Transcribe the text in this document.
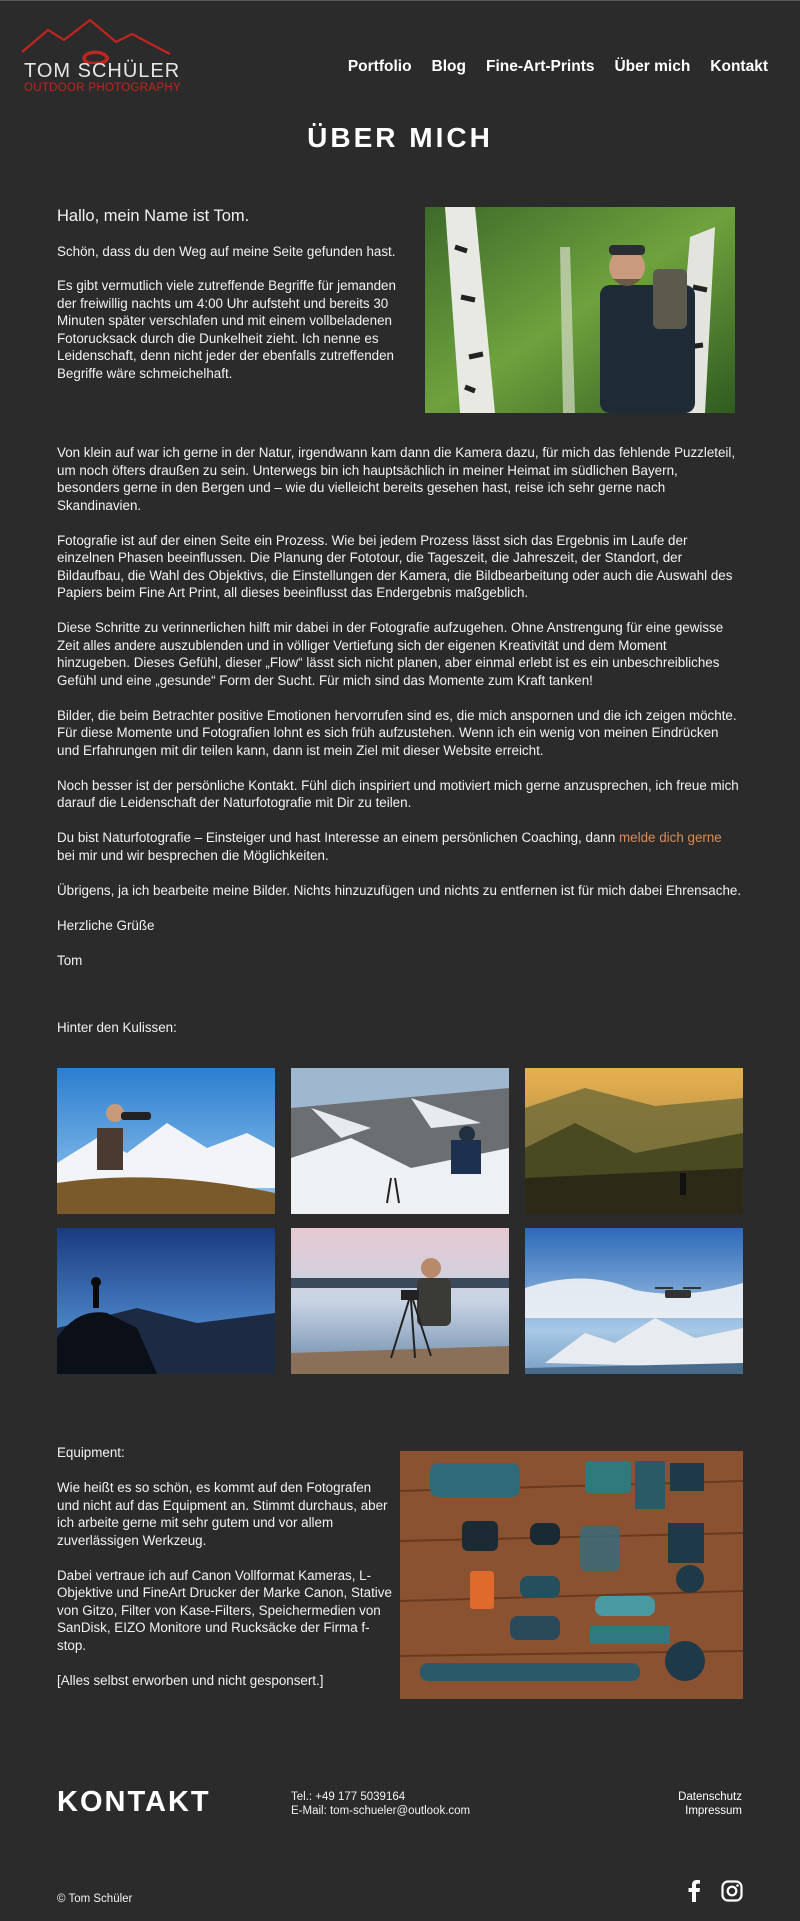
TOM SCHÜLER
OUTDOOR PHOTOGRAPHY
Portfolio Blog Fine-Art-Prints Über mich Kontakt
ÜBER MICH
Hallo, mein Name ist Tom.

Schön, dass du den Weg auf meine Seite gefunden hast.

Es gibt vermutlich viele zutreffende Begriffe für jemanden der freiwillig nachts um 4:00 Uhr aufsteht und bereits 30 Minuten später verschlafen und mit einem vollbeladenen Fotorucksack durch die Dunkelheit zieht. Ich nenne es Leidenschaft, denn nicht jeder der ebenfalls zutreffenden Begriffe wäre schmeichelhaft.

Von klein auf war ich gerne in der Natur, irgendwann kam dann die Kamera dazu, für mich das fehlende Puzzleteil, um noch öfters draußen zu sein. Unterwegs bin ich hauptsächlich in meiner Heimat im südlichen Bayern, besonders gerne in den Bergen und – wie du vielleicht bereits gesehen hast, reise ich sehr gerne nach Skandinavien.

Fotografie ist auf der einen Seite ein Prozess. Wie bei jedem Prozess lässt sich das Ergebnis im Laufe der einzelnen Phasen beeinflussen. Die Planung der Fototour, die Tageszeit, die Jahreszeit, der Standort, der Bildaufbau, die Wahl des Objektivs, die Einstellungen der Kamera, die Bildbearbeitung oder auch die Auswahl des Papiers beim Fine Art Print, all dieses beeinflusst das Endergebnis maßgeblich.

Diese Schritte zu verinnerlichen hilft mir dabei in der Fotografie aufzugehen. Ohne Anstrengung für eine gewisse Zeit alles andere auszublenden und in völliger Vertiefung sich der eigenen Kreativität und dem Moment hinzugeben. Dieses Gefühl, dieser „Flow“ lässt sich nicht planen, aber einmal erlebt ist es ein unbeschreibliches Gefühl und eine „gesunde“ Form der Sucht. Für mich sind das Momente zum Kraft tanken!

Bilder, die beim Betrachter positive Emotionen hervorrufen sind es, die mich anspornen und die ich zeigen möchte. Für diese Momente und Fotografien lohnt es sich früh aufzustehen. Wenn ich ein wenig von meinen Eindrücken und Erfahrungen mit dir teilen kann, dann ist mein Ziel mit dieser Website erreicht.

Noch besser ist der persönliche Kontakt. Fühl dich inspiriert und motiviert mich gerne anzusprechen, ich freue mich darauf die Leidenschaft der Naturfotografie mit Dir zu teilen.

Du bist Naturfotografie – Einsteiger und hast Interesse an einem persönlichen Coaching, dann melde dich gerne bei mir und wir besprechen die Möglichkeiten.

Übrigens, ja ich bearbeite meine Bilder. Nichts hinzuzufügen und nichts zu entfernen ist für mich dabei Ehrensache.

Herzliche Grüße

Tom

Hinter den Kulissen:

Equipment:

Wie heißt es so schön, es kommt auf den Fotografen und nicht auf das Equipment an. Stimmt durchaus, aber ich arbeite gerne mit sehr gutem und vor allem zuverlässigen Werkzeug.

Dabei vertraue ich auf Canon Vollformat Kameras, L-Objektive und FineArt Drucker der Marke Canon, Stative von Gitzo, Filter von Kase-Filters, Speichermedien von SanDisk, EIZO Monitore und Rucksäcke der Firma f-stop.

[Alles selbst erworben und nicht gesponsert.]

KONTAKT	Tel.: +49 177 5039164
E-Mail: tom-schueler@outlook.com
Datenschutz
Impressum
© Tom Schüler
